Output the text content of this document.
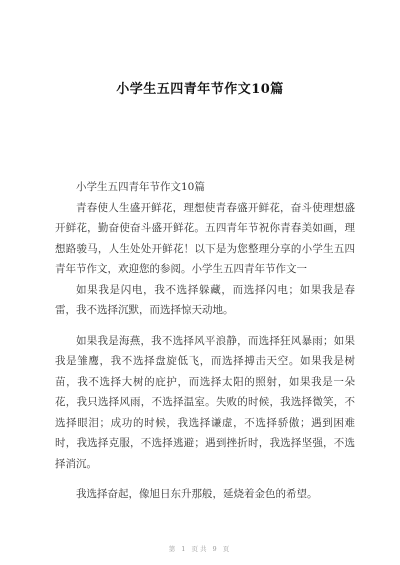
小学生五四青年节作文10篇

小学生五四青年节作文10篇

青春使人生盛开鲜花，理想使青春盛开鲜花，奋斗使理想盛开鲜花，勤奋使奋斗盛开鲜花。五四青年节祝你青春美如画，理想路骏马，人生处处开鲜花！以下是为您整理分享的小学生五四青年节作文，欢迎您的参阅。小学生五四青年节作文一

如果我是闪电，我不选择躲藏，而选择闪电；如果我是春雷，我不选择沉默，而选择惊天动地。

如果我是海燕，我不选择风平浪静，而选择狂风暴雨；如果我是雏鹰，我不选择盘旋低飞，而选择搏击天空。如果我是树苗，我不选择大树的庇护，而选择太阳的照射，如果我是一朵花，我只选择风雨，不选择温室。失败的时候，我选择微笑，不选择眼泪；成功的时候，我选择谦虚，不选择骄傲；遇到困难时，我选择克服，不选择逃避；遇到挫折时，我选择坚强，不选择消沉。

我选择奋起，像旭日东升那般，延烧着金色的希望。

第 1 页共 9 页
